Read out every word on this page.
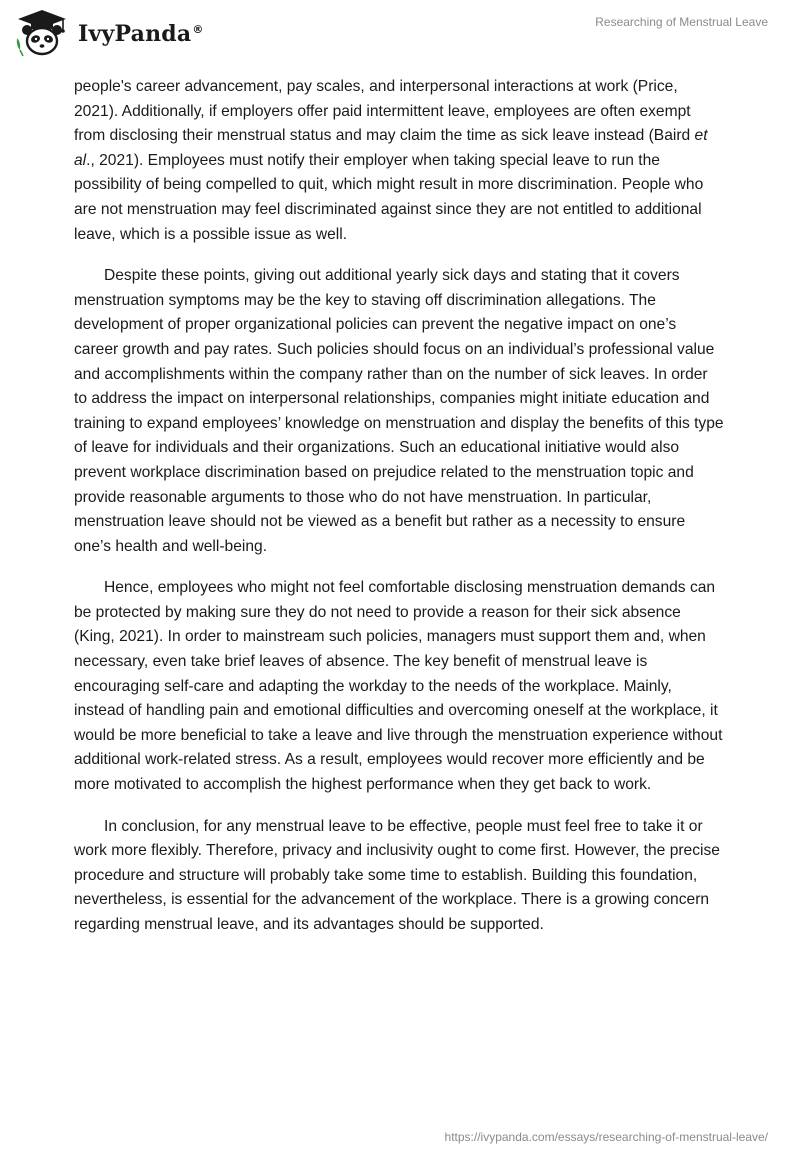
IvyPanda®
Researching of Menstrual Leave

people's career advancement, pay scales, and interpersonal interactions at work (Price, 2021). Additionally, if employers offer paid intermittent leave, employees are often exempt from disclosing their menstrual status and may claim the time as sick leave instead (Baird et al., 2021). Employees must notify their employer when taking special leave to run the possibility of being compelled to quit, which might result in more discrimination. People who are not menstruation may feel discriminated against since they are not entitled to additional leave, which is a possible issue as well.

Despite these points, giving out additional yearly sick days and stating that it covers menstruation symptoms may be the key to staving off discrimination allegations. The development of proper organizational policies can prevent the negative impact on one’s career growth and pay rates. Such policies should focus on an individual’s professional value and accomplishments within the company rather than on the number of sick leaves. In order to address the impact on interpersonal relationships, companies might initiate education and training to expand employees’ knowledge on menstruation and display the benefits of this type of leave for individuals and their organizations. Such an educational initiative would also prevent workplace discrimination based on prejudice related to the menstruation topic and provide reasonable arguments to those who do not have menstruation. In particular, menstruation leave should not be viewed as a benefit but rather as a necessity to ensure one’s health and well-being.

Hence, employees who might not feel comfortable disclosing menstruation demands can be protected by making sure they do not need to provide a reason for their sick absence (King, 2021). In order to mainstream such policies, managers must support them and, when necessary, even take brief leaves of absence. The key benefit of menstrual leave is encouraging self-care and adapting the workday to the needs of the workplace. Mainly, instead of handling pain and emotional difficulties and overcoming oneself at the workplace, it would be more beneficial to take a leave and live through the menstruation experience without additional work-related stress. As a result, employees would recover more efficiently and be more motivated to accomplish the highest performance when they get back to work.

In conclusion, for any menstrual leave to be effective, people must feel free to take it or work more flexibly. Therefore, privacy and inclusivity ought to come first. However, the precise procedure and structure will probably take some time to establish. Building this foundation, nevertheless, is essential for the advancement of the workplace. There is a growing concern regarding menstrual leave, and its advantages should be supported.

https://ivypanda.com/essays/researching-of-menstrual-leave/
